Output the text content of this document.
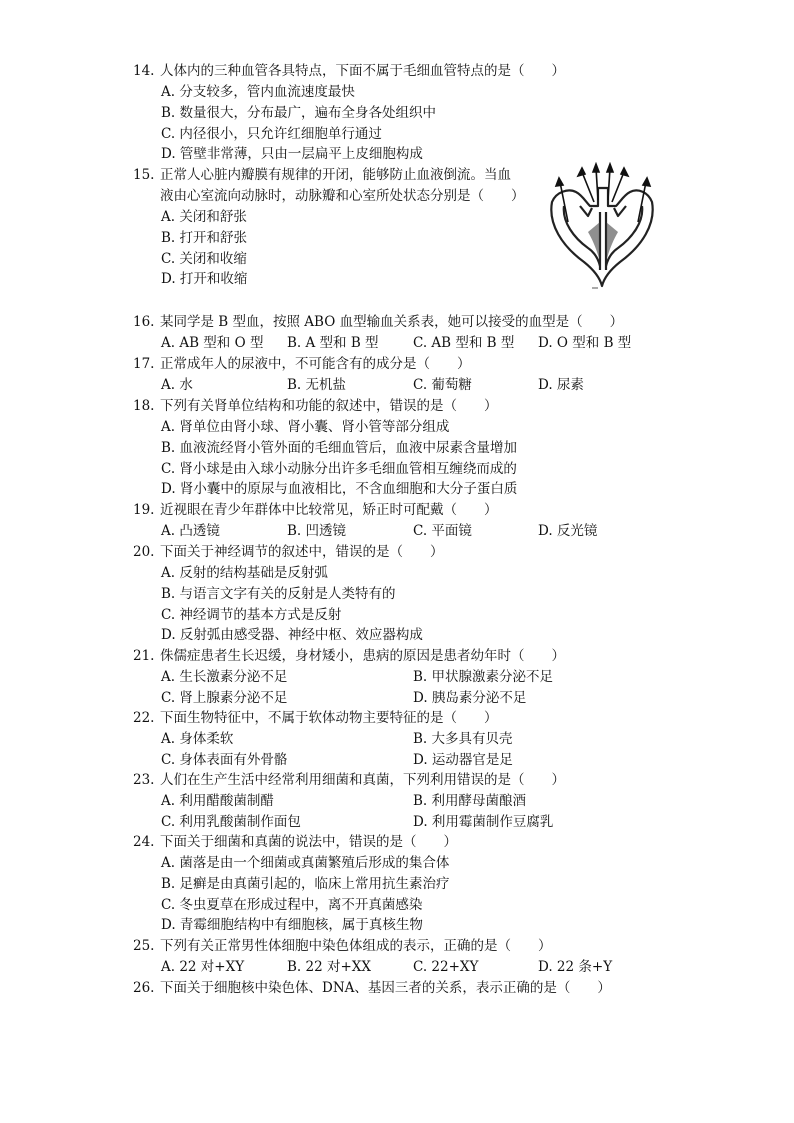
14. 人体内的三种血管各具特点，下面不属于毛细血管特点的是（　　）
A. 分支较多，管内血流速度最快
B. 数量很大，分布最广，遍布全身各处组织中
C. 内径很小，只允许红细胞单行通过
D. 管壁非常薄，只由一层扁平上皮细胞构成
15. 正常人心脏内瓣膜有规律的开闭，能够防止血液倒流。当血
液由心室流向动脉时，动脉瓣和心室所处状态分别是（　　）
A. 关闭和舒张
B. 打开和舒张
C. 关闭和收缩
D. 打开和收缩
16. 某同学是 B 型血，按照 ABO 血型输血关系表，她可以接受的血型是（　　）
A. AB 型和 O 型 B. A 型和 B 型	C. AB 型和 B 型 D. O 型和 B 型
17. 正常成年人的尿液中，不可能含有的成分是（　　）
A. 水	B. 无机盐	C. 葡萄糖	D. 尿素
18. 下列有关肾单位结构和功能的叙述中，错误的是（　　）
A. 肾单位由肾小球、肾小囊、肾小管等部分组成
B. 血液流经肾小管外面的毛细血管后，血液中尿素含量增加
C. 肾小球是由入球小动脉分出许多毛细血管相互缠绕而成的
D. 肾小囊中的原尿与血液相比，不含血细胞和大分子蛋白质
19. 近视眼在青少年群体中比较常见，矫正时可配戴（　　）
A. 凸透镜	B. 凹透镜	C. 平面镜	D. 反光镜
20. 下面关于神经调节的叙述中，错误的是（　　）
A. 反射的结构基础是反射弧
B. 与语言文字有关的反射是人类特有的
C. 神经调节的基本方式是反射
D. 反射弧由感受器、神经中枢、效应器构成
21. 侏儒症患者生长迟缓，身材矮小，患病的原因是患者幼年时（　　）
A. 生长激素分泌不足	B. 甲状腺激素分泌不足
C. 肾上腺素分泌不足	D. 胰岛素分泌不足
22. 下面生物特征中，不属于软体动物主要特征的是（　　）
A. 身体柔软	B. 大多具有贝壳
C. 身体表面有外骨骼	D. 运动器官是足
23. 人们在生产生活中经常利用细菌和真菌，下列利用错误的是（　　）
A. 利用醋酸菌制醋	B. 利用酵母菌酿酒
C. 利用乳酸菌制作面包	D. 利用霉菌制作豆腐乳
24. 下面关于细菌和真菌的说法中，错误的是（　　）
A. 菌落是由一个细菌或真菌繁殖后形成的集合体
B. 足癣是由真菌引起的，临床上常用抗生素治疗
C. 冬虫夏草在形成过程中，离不开真菌感染
D. 青霉细胞结构中有细胞核，属于真核生物
25. 下列有关正常男性体细胞中染色体组成的表示，正确的是（　　）
A. 22 对+XY	B. 22 对+XX	C. 22+XY	D. 22 条+Y
26. 下面关于细胞核中染色体、DNA、基因三者的关系，表示正确的是（　　）
